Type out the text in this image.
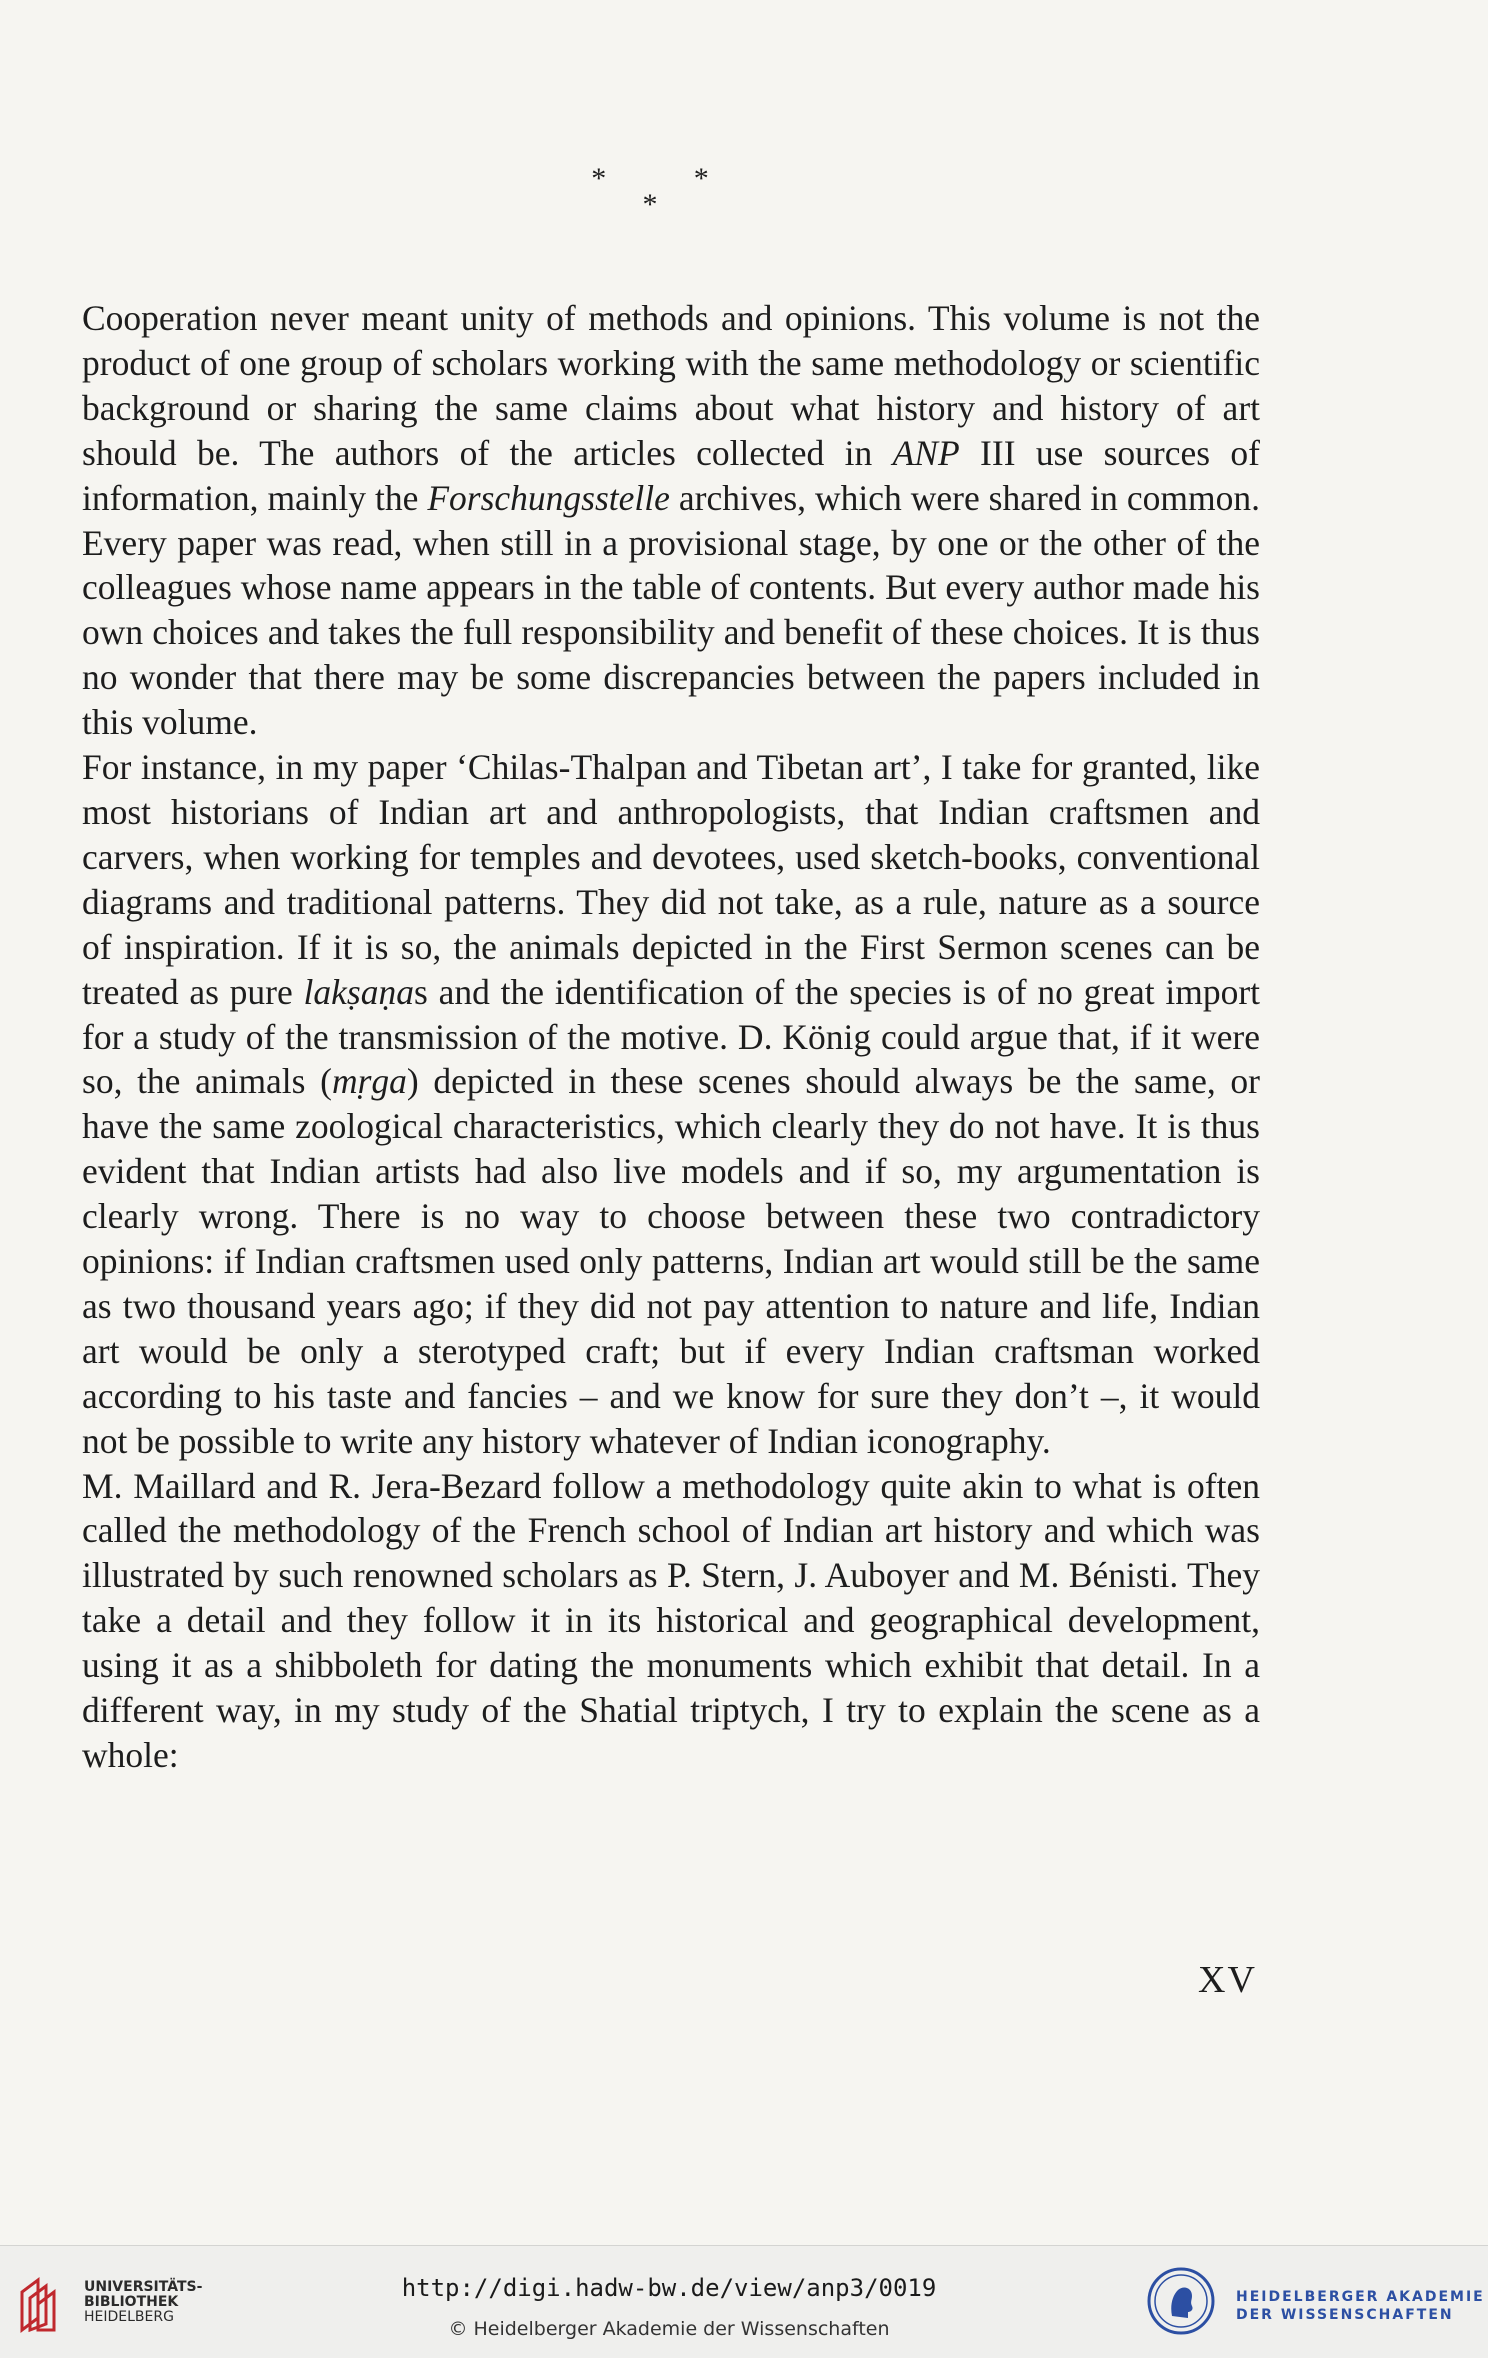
* *
*

Cooperation never meant unity of methods and opinions. This volume is not the product of one group of scholars working with the same methodology or scientific background or sharing the same claims about what history and history of art should be. The authors of the articles collected in ANP III use sources of information, mainly the Forschungsstelle archives, which were shared in common. Every paper was read, when still in a provisional stage, by one or the other of the colleagues whose name appears in the table of contents. But every author made his own choices and takes the full responsibility and benefit of these choices. It is thus no wonder that there may be some discrepancies between the papers included in this volume.

For instance, in my paper ‘Chilas-Thalpan and Tibetan art’, I take for granted, like most historians of Indian art and anthropologists, that Indian craftsmen and carvers, when working for temples and devotees, used sketch-books, conventional diagrams and traditional patterns. They did not take, as a rule, nature as a source of inspiration. If it is so, the animals depicted in the First Sermon scenes can be treated as pure lakṣaṇas and the identification of the species is of no great import for a study of the transmission of the motive. D. König could argue that, if it were so, the animals (mṛga) depicted in these scenes should always be the same, or have the same zoological characteristics, which clearly they do not have. It is thus evident that Indian artists had also live models and if so, my argumentation is clearly wrong. There is no way to choose between these two contradictory opinions: if Indian craftsmen used only patterns, Indian art would still be the same as two thousand years ago; if they did not pay attention to nature and life, Indian art would be only a sterotyped craft; but if every Indian craftsman worked according to his taste and fancies – and we know for sure they don’t –, it would not be possible to write any history whatever of Indian iconography.

M. Maillard and R. Jera-Bezard follow a methodology quite akin to what is often called the methodology of the French school of Indian art history and which was illustrated by such renowned scholars as P. Stern, J. Auboyer and M. Bénisti. They take a detail and they follow it in its historical and geographical development, using it as a shibboleth for dating the monuments which exhibit that detail. In a different way, in my study of the Shatial triptych, I try to explain the scene as a whole:

XV
UNIVERSITÄTS-
BIBLIOTHEK
HEIDELBERG
http://digi.hadw-bw.de/view/anp3/0019
© Heidelberger Akademie der Wissenschaften
HEIDELBERGER AKADEMIE
DER WISSENSCHAFTEN
